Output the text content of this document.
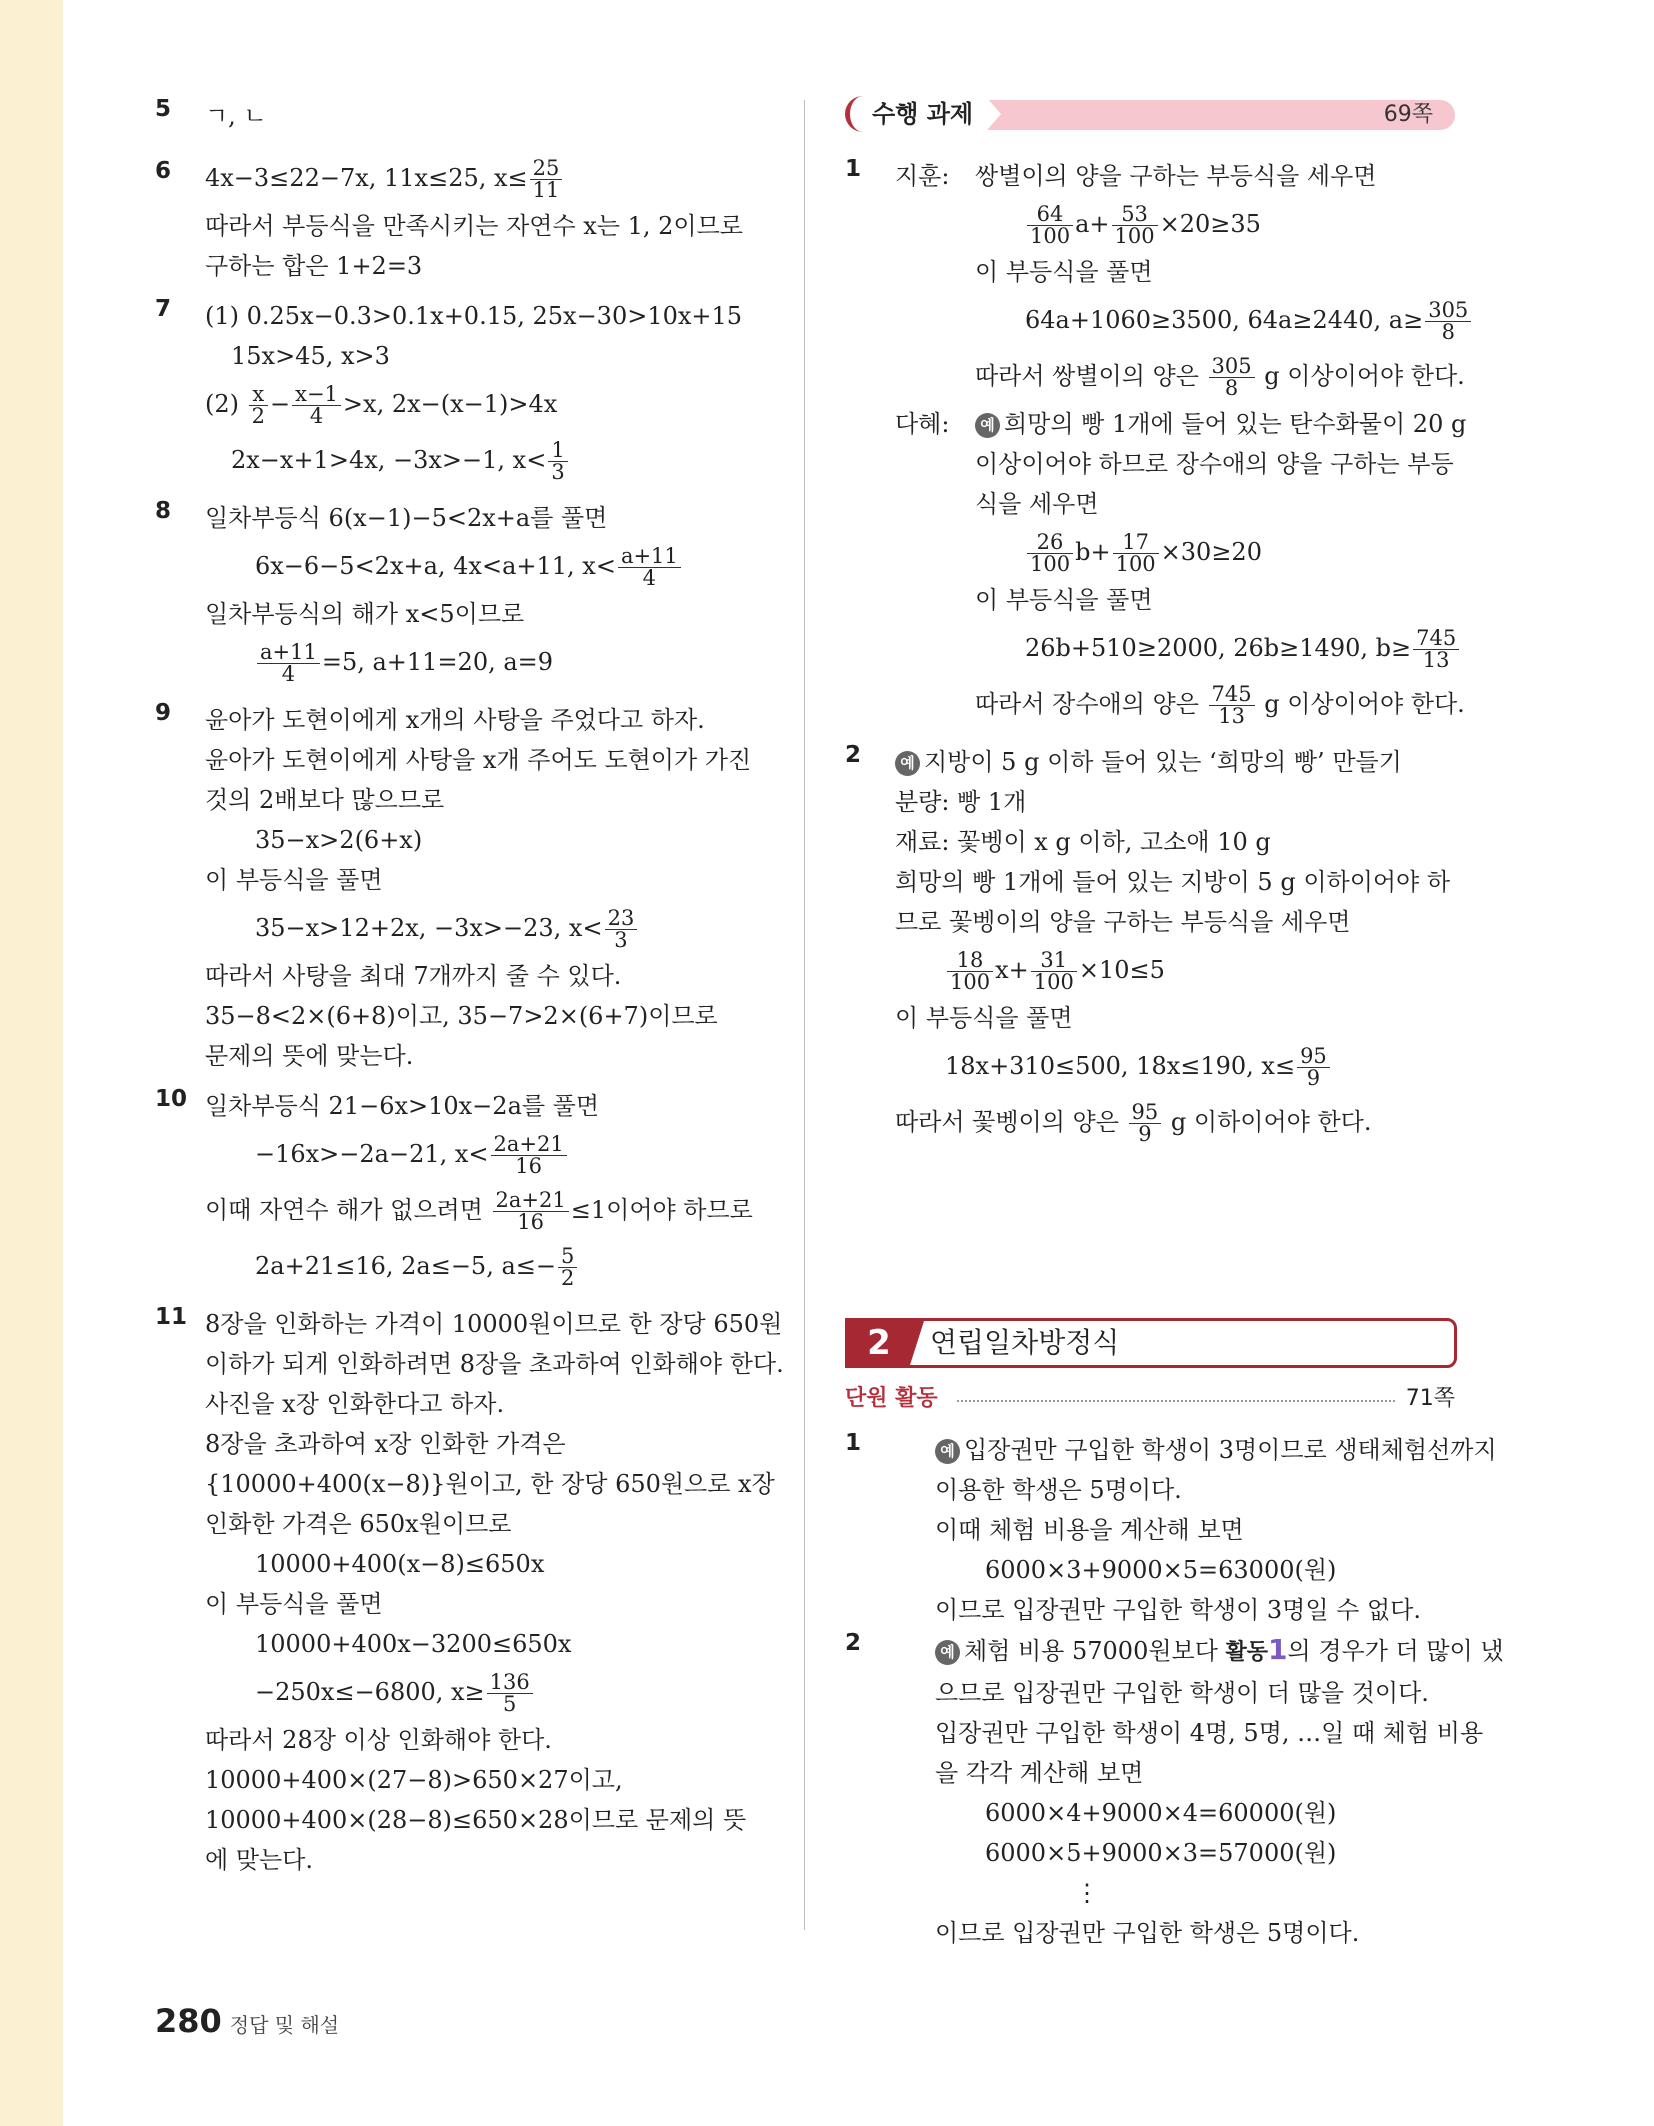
5 ㄱ, ㄴ
6 4x−3≤22−7x, 11x≤25, $x\le \frac{25}{11}$
따라서 부등식을 만족시키는 자연수 x는 1, 2이므로
구하는 합은 1+2=3
7 (1) 0.25x−0.3>0.1x+0.15, 25x−30>10x+15
15x>45, x>3
$(2) \frac{x}{2} - \frac{x-1}{4} >x$, 2x−(x−1)>4x
2x−x+1>4x, −3x>−1, $x< \frac{1}{3}$
8 일차부등식 6(x−1)−5<2x+a를 풀면
6x−6−5<2x+a, 4x<a+11, $x< \frac{a+11}{4}$
일차부등식의 해가 x<5이므로
$\frac{a+11}{4} =5$, a+11=20, a=9
9 윤아가 도현이에게 x개의 사탕을 주었다고 하자.
윤아가 도현이에게 사탕을 x개 주어도 도현이가 가진
것의 2배보다 많으므로
35−x>2(6+x)
이 부등식을 풀면
35−x>12+2x, −3x>−23, $x< \frac{23}{3}$
따라서 사탕을 최대 7개까지 줄 수 있다.
35−8<2×(6+8)이고, 35−7>2×(6+7)이므로
문제의 뜻에 맞는다.
10 일차부등식 21−6x>10x−2a를 풀면
−16x>−2a−21, $x< \frac{2a+21}{16}$
이때 자연수 해가 없으려면 $\frac{2a+21}{16} \le 1$이어야 하므로
2a+21≤16, 2a≤−5, $a\le- \frac{5}{2}$
11 8장을 인화하는 가격이 10000원이므로 한 장당 650원
이하가 되게 인화하려면 8장을 초과하여 인화해야 한다.
사진을 x장 인화한다고 하자.
8장을 초과하여 x장 인화한 가격은
{10000+400(x−8)}원이고, 한 장당 650원으로 x장
인화한 가격은 650x원이므로
10000+400(x−8)≤650x
이 부등식을 풀면
10000+400x−3200≤650x
−250x≤−6800, $x\ge \frac{136}{5}$
따라서 28장 이상 인화해야 한다.
10000+400×(27−8)>650×27이고,
10000+400×(28−8)≤650×28이므로 문제의 뜻
에 맞는다.
수행 과제	69쪽
1 지훈: 쌍별이의 양을 구하는 부등식을 세우면
$\frac{64}{100} a+ \frac{53}{100} \times 20\ge 35$
이 부등식을 풀면
64a+1060≥3500, 64a≥2440, $a\ge \frac{305}{8}$
따라서 쌍별이의 양은 $\frac{305}{8}$ g 이상이어야 한다.
다혜:	예 희망의 빵 1개에 들어 있는 탄수화물이 20 g
이상이어야 하므로 장수애의 양을 구하는 부등
식을 세우면
$\frac{26}{100} b+ \frac{17}{100} \times 30\ge 20$
이 부등식을 풀면
26b+510≥2000, 26b≥1490, $b\ge \frac{745}{13}$
따라서 장수애의 양은 $\frac{745}{13}$ g 이상이어야 한다.
2	예 지방이 5 g 이하 들어 있는 ‘희망의 빵’ 만들기
분량: 빵 1개
재료: 꽃벵이 x g 이하, 고소애 10 g
희망의 빵 1개에 들어 있는 지방이 5 g 이하이어야 하
므로 꽃벵이의 양을 구하는 부등식을 세우면
$\frac{18}{100} x+ \frac{31}{100} \times 10\le 5$
이 부등식을 풀면
18x+310≤500, 18x≤190, $x\le \frac{95}{9}$
따라서 꽃벵이의 양은 $\frac{95}{9}$ g 이하이어야 한다.
2	연립일차방정식
단원 활동	71쪽
1	예 입장권만 구입한 학생이 3명이므로 생태체험선까지
이용한 학생은 5명이다.
이때 체험 비용을 계산해 보면
6000×3+9000×5=63000(원)
이므로 입장권만 구입한 학생이 3명일 수 없다.
2	예 체험 비용 57000원보다 활동1의 경우가 더 많이 냈
으므로 입장권만 구입한 학생이 더 많을 것이다.
입장권만 구입한 학생이 4명, 5명, …일 때 체험 비용
을 각각 계산해 보면
6000×4+9000×4=60000(원)
6000×5+9000×3=57000(원)
⋮
이므로 입장권만 구입한 학생은 5명이다.
280 정답 및 해설
